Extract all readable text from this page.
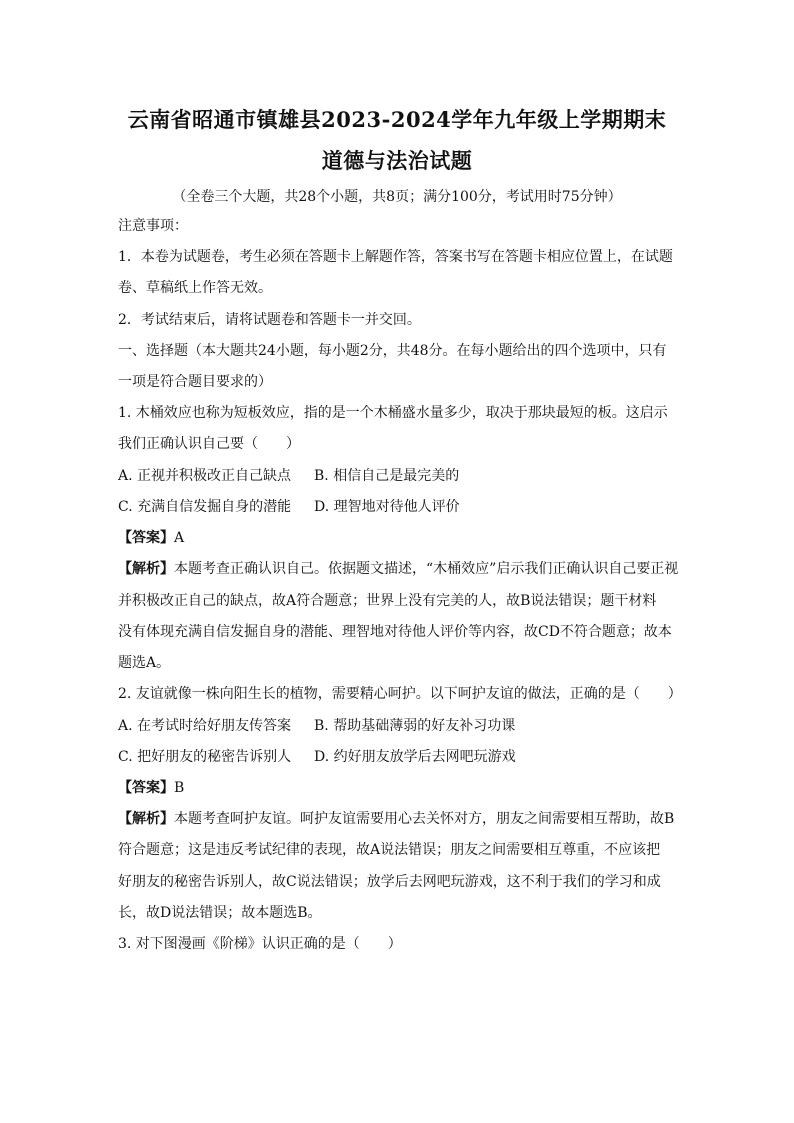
云南省昭通市镇雄县2023-2024学年九年级上学期期末
道德与法治试题
（全卷三个大题，共28个小题，共8页；满分100分，考试用时75分钟）
注意事项：
1．本卷为试题卷，考生必须在答题卡上解题作答，答案书写在答题卡相应位置上，在试题
卷、草稿纸上作答无效。
2．考试结束后，请将试题卷和答题卡一并交回。
一、选择题（本大题共24小题，每小题2分，共48分。在每小题给出的四个选项中，只有
一项是符合题目要求的）
1. 木桶效应也称为短板效应，指的是一个木桶盛水量多少，取决于那块最短的板。这启示
我们正确认识自己要（　　）
A. 正视并积极改正自己缺点 B. 相信自己是最完美的
C. 充满自信发掘自身的潜能 D. 理智地对待他人评价
【答案】A
【解析】本题考查正确认识自己。依据题文描述，“木桶效应”启示我们正确认识自己要正视
并积极改正自己的缺点，故A符合题意；世界上没有完美的人，故B说法错误；题干材料
没有体现充满自信发掘自身的潜能、理智地对待他人评价等内容，故CD不符合题意；故本
题选A。
2. 友谊就像一株向阳生长的植物，需要精心呵护。以下呵护友谊的做法，正确的是（　　）
A. 在考试时给好朋友传答案 B. 帮助基础薄弱的好友补习功课
C. 把好朋友的秘密告诉别人 D. 约好朋友放学后去网吧玩游戏
【答案】B
【解析】本题考查呵护友谊。呵护友谊需要用心去关怀对方，朋友之间需要相互帮助，故B
符合题意；这是违反考试纪律的表现，故A说法错误；朋友之间需要相互尊重，不应该把
好朋友的秘密告诉别人，故C说法错误；放学后去网吧玩游戏，这不利于我们的学习和成
长，故D说法错误；故本题选B。
3. 对下图漫画《阶梯》认识正确的是（　　）
